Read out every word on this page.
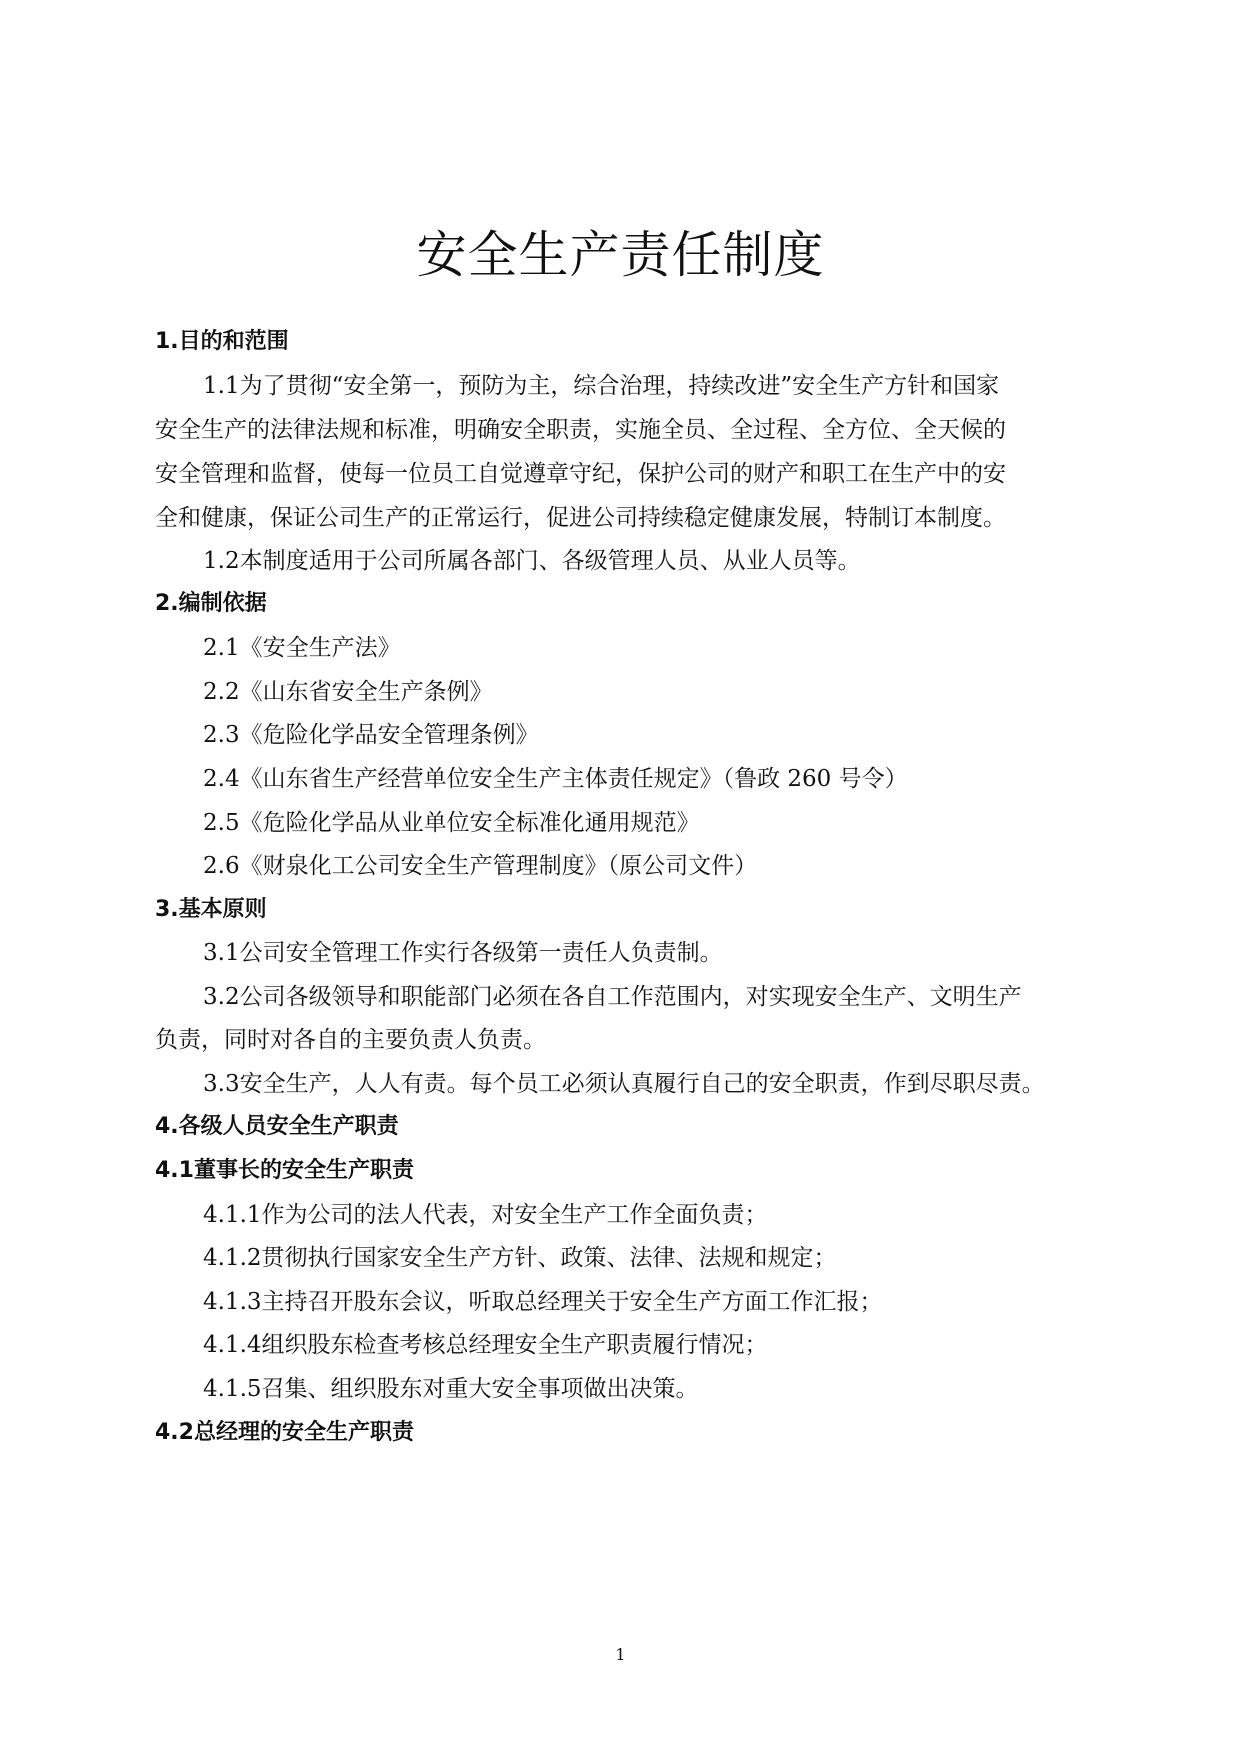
安全生产责任制度
1.目的和范围
1.1为了贯彻“安全第一，预防为主，综合治理，持续改进”安全生产方针和国家
安全生产的法律法规和标准，明确安全职责，实施全员、全过程、全方位、全天候的
安全管理和监督，使每一位员工自觉遵章守纪，保护公司的财产和职工在生产中的安
全和健康，保证公司生产的正常运行，促进公司持续稳定健康发展，特制订本制度。
1.2本制度适用于公司所属各部门、各级管理人员、从业人员等。
2.编制依据
2.1《安全生产法》
2.2《山东省安全生产条例》
2.3《危险化学品安全管理条例》
2.4《山东省生产经营单位安全生产主体责任规定》（鲁政 260 号令）
2.5《危险化学品从业单位安全标准化通用规范》
2.6《财泉化工公司安全生产管理制度》（原公司文件）
3.基本原则
3.1公司安全管理工作实行各级第一责任人负责制。
3.2公司各级领导和职能部门必须在各自工作范围内，对实现安全生产、文明生产
负责，同时对各自的主要负责人负责。
3.3安全生产，人人有责。每个员工必须认真履行自己的安全职责，作到尽职尽责。
4.各级人员安全生产职责
4.1董事长的安全生产职责
4.1.1作为公司的法人代表，对安全生产工作全面负责；
4.1.2贯彻执行国家安全生产方针、政策、法律、法规和规定；
4.1.3主持召开股东会议，听取总经理关于安全生产方面工作汇报；
4.1.4组织股东检查考核总经理安全生产职责履行情况；
4.1.5召集、组织股东对重大安全事项做出决策。
4.2总经理的安全生产职责
1
